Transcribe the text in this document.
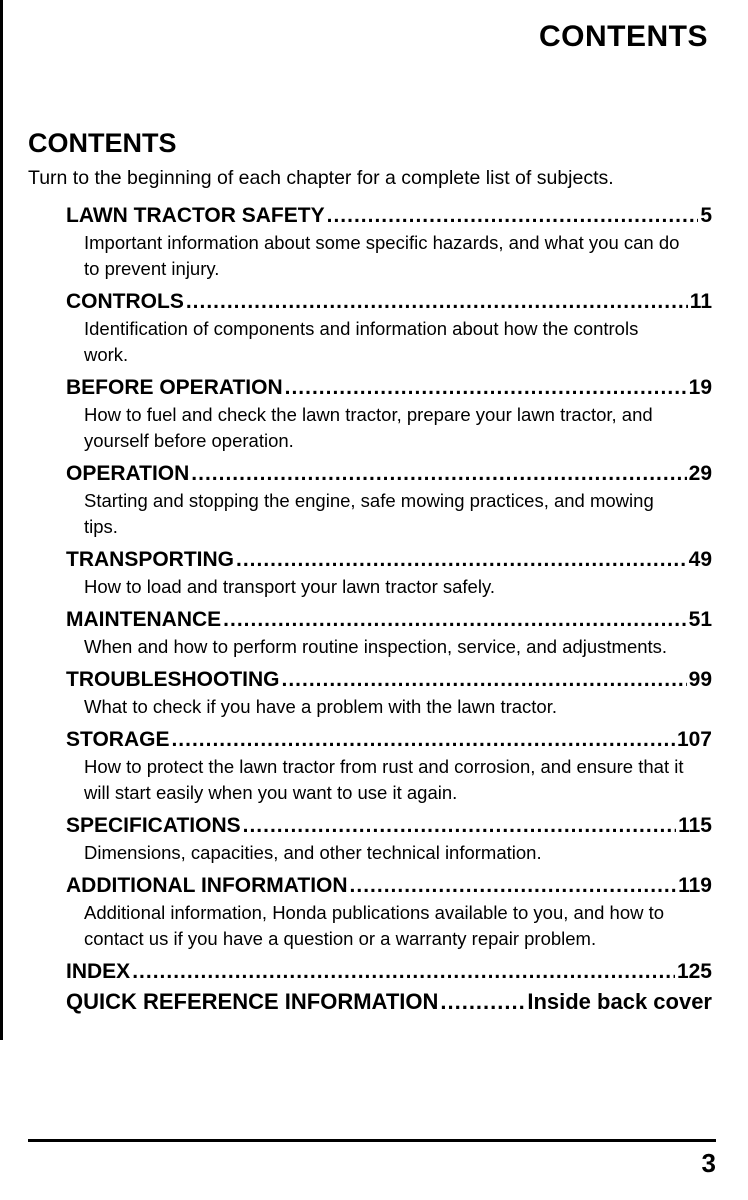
CONTENTS
CONTENTS

Turn to the beginning of each chapter for a complete list of subjects.

LAWN TRACTOR SAFETY .....	5

Important information about some specific hazards, and what you can do to prevent injury.

CONTROLS .....	11

Identification of components and information about how the controls work.

BEFORE OPERATION .....	19

How to fuel and check the lawn tractor, prepare your lawn tractor, and yourself before operation.

OPERATION .....	29

Starting and stopping the engine, safe mowing practices, and mowing tips.

TRANSPORTING .....	49

How to load and transport your lawn tractor safely.

MAINTENANCE .....	51

When and how to perform routine inspection, service, and adjustments.

TROUBLESHOOTING .....	99

What to check if you have a problem with the lawn tractor.

STORAGE .....	107

How to protect the lawn tractor from rust and corrosion, and ensure that it will start easily when you want to use it again.

SPECIFICATIONS .....	115

Dimensions, capacities, and other technical information.

ADDITIONAL INFORMATION .....	119

Additional information, Honda publications available to you, and how to contact us if you have a question or a warranty repair problem.

INDEX .....	125
QUICK REFERENCE INFORMATION .....	Inside back cover

3
